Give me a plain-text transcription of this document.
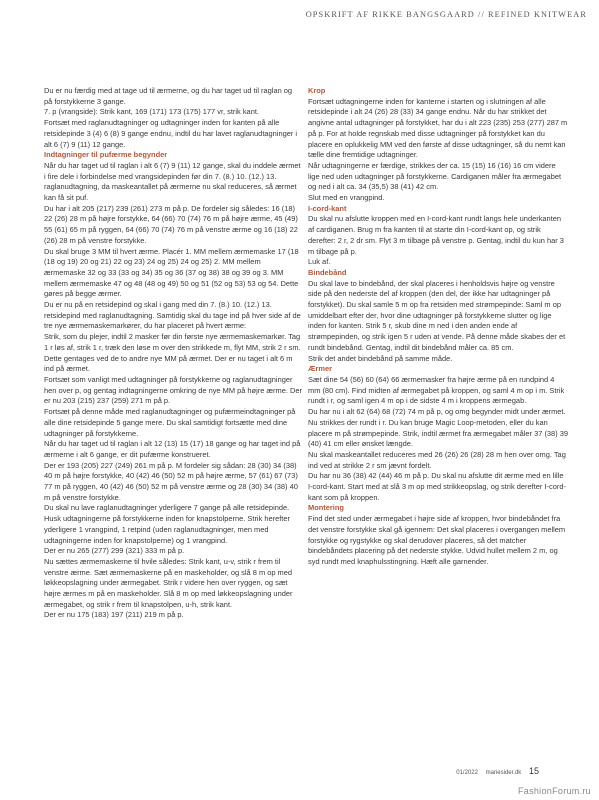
OPSKRIFT AF RIKKE BANGSGAARD // REFINED KNITWEAR

Du er nu færdig med at tage ud til ærmerne, og du har taget ud til raglan og på forstykkerne 3 gange.
7. p (vrangside): Strik kant, 169 (171) 173 (175) 177 vr, strik kant.
Fortsæt med raglanudtagninger og udtagninger inden for kanten på alle retsidepinde 3 (4) 6 (8) 9 gange endnu, indtil du har lavet raglanudtagninger i alt 6 (7) 9 (11) 12 gange.

Indtagninger til pufærme begynder

Når du har taget ud til raglan i alt 6 (7) 9 (11) 12 gange, skal du inddele ærmet i fire dele i forbindelse med vrangsidepinden før din 7. (8.) 10. (12.) 13. raglanudtagning, da maskeantallet på ærmerne nu skal reduceres, så ærmet kan få sit puf.
Du har i alt 205 (217) 239 (261) 273 m på p. De fordeler sig således: 16 (18) 22 (26) 28 m på højre forstykke, 64 (66) 70 (74) 76 m på højre ærme, 45 (49) 55 (61) 65 m på ryggen, 64 (66) 70 (74) 76 m på venstre ærme og 16 (18) 22 (26) 28 m på venstre forstykke.
Du skal bruge 3 MM til hvert ærme. Placér 1. MM mellem ærmemaske 17 (18 (18 og 19) 20 og 21) 22 og 23) 24 og 25) 24 og 25) 2. MM mellem ærmemaske 32 og 33 (33 og 34) 35 og 36 (37 og 38) 38 og 39 og 3. MM mellem ærmemaske 47 og 48 (48 og 49) 50 og 51 (52 og 53) 53 og 54. Dette gøres på begge ærmer.
Du er nu på en retsidepind og skal i gang med din 7. (8.) 10. (12.) 13. retsidepind med raglanudtagning. Samtidig skal du tage ind på hver side af de tre nye ærmemaskemarkører, du har placeret på hvert ærme:
Strik, som du plejer, indtil 2 masker før din første nye ærmemaskemarkør. Tag 1 r løs af, strik 1 r, træk den løse m over den strikkede m, flyt MM, strik 2 r sm. Dette gentages ved de to andre nye MM på ærmet. Der er nu taget i alt 6 m ind på ærmet.
Fortsæt som vanligt med udtagninger på forstykkerne og raglanudtagninger hen over p, og gentag indtagningerne omkring de nye MM på højre ærme. Der er nu 203 (215) 237 (259) 271 m på p.
Fortsæt på denne måde med raglanudtagninger og pufærmeindtagninger på alle dine retsidepinde 5 gange mere. Du skal samtidigt fortsætte med dine udtagninger på forstykkerne.
Når du har taget ud til raglan i alt 12 (13) 15 (17) 18 gange og har taget ind på ærmerne i alt 6 gange, er dit pufærme konstrueret.
Der er 193 (205) 227 (249) 261 m på p. M fordeler sig sådan: 28 (30) 34 (38) 40 m på højre forstykke, 40 (42) 46 (50) 52 m på højre ærme, 57 (61) 67 (73) 77 m på ryggen, 40 (42) 46 (50) 52 m på venstre ærme og 28 (30) 34 (38) 40 m på venstre forstykke.
Du skal nu lave raglanudtagninger yderligere 7 gange på alle retsidepinde. Husk udtagningerne på forstykkerne inden for knapstolperne. Strik herefter yderligere 1 vrangpind, 1 retpind (uden raglanudtagninger, men med udtagningerne inden for knapstolperne) og 1 vrangpind.
Der er nu 265 (277) 299 (321) 333 m på p.
Nu sættes ærmemaskerne til hvile således: Strik kant, u-v, strik r frem til venstre ærme. Sæt ærmemaskerne på en maskeholder, og slå 8 m op med løkkeopslagning under ærmegabet. Strik r videre hen over ryggen, og sæt højre ærmes m på en maskeholder. Slå 8 m op med løkkeopslagning under ærmegabet, og strik r frem til knapstolpen, u-h, strik kant.
Der er nu 175 (183) 197 (211) 219 m på p.

Krop

Fortsæt udtagningerne inden for kanterne i starten og i slutningen af alle retsidepinde i alt 24 (26) 28 (33) 34 gange endnu. Når du har strikket det angivne antal udtagninger på forstykket, har du i alt 223 (235) 253 (277) 287 m på p. For at holde regnskab med disse udtagninger på forstykket kan du placere en oplukkelig MM ved den første af disse udtagninger, så du nemt kan tælle dine fremtidige udtagninger.
Når udtagningerne er færdige, strikkes der ca. 15 (15) 16 (16) 16 cm videre lige ned uden udtagninger på forstykkerne. Cardiganen måler fra ærmegabet og ned i alt ca. 34 (35,5) 38 (41) 42 cm.
Slut med en vrangpind.

I-cord-kant

Du skal nu afslutte kroppen med en I-cord-kant rundt langs hele underkanten af cardiganen. Brug m fra kanten til at starte din I-cord-kant op, og strik derefter: 2 r, 2 dr sm. Flyt 3 m tilbage på venstre p. Gentag, indtil du kun har 3 m tilbage på p.
Luk af.

Bindebånd

Du skal lave to bindebånd, der skal placeres i henholdsvis højre og venstre side på den nederste del af kroppen (den del, der ikke har udtagninger på forstykket). Du skal samle 5 m op fra retsiden med strømpepinde: Saml m op umiddelbart efter der, hvor dine udtagninger på forstykkerne slutter og lige inden for kanten. Strik 5 r, skub dine m ned i den anden ende af strømpepinden, og strik igen 5 r uden at vende. På denne måde skabes der et rundt bindebånd. Gentag, indtil dit bindebånd måler ca. 85 cm.
Strik det andet bindebånd på samme måde.

Ærmer

Sæt dine 54 (56) 60 (64) 66 ærmemasker fra højre ærme på en rundpind 4 mm (80 cm). Find midten af ærmegabet på kroppen, og saml 4 m op i m. Strik rundt i r, og saml igen 4 m op i de sidste 4 m i kroppens ærmegab.
Du har nu i alt 62 (64) 68 (72) 74 m på p, og omg begynder midt under ærmet.
Nu strikkes der rundt i r. Du kan bruge Magic Loop-metoden, eller du kan placere m på strømpepinde. Strik, indtil ærmet fra ærmegabet måler 37 (38) 39 (40) 41 cm eller ønsket længde.
Nu skal maskeantallet reduceres med 26 (26) 26 (28) 28 m hen over omg. Tag ind ved at strikke 2 r sm jævnt fordelt.
Du har nu 36 (38) 42 (44) 46 m på p. Du skal nu afslutte dit ærme med en lille I-cord-kant. Start med at slå 3 m op med strikkeopslag, og strik derefter I-cord-kant som på kroppen.

Montering

Find det sted under ærmegabet i højre side af kroppen, hvor bindebåndet fra det venstre forstykke skal gå igennem: Det skal placeres i overgangen mellem forstykke og rygstykke og skal derudover placeres, så det matcher bindebåndets placering på det nederste stykke. Udvid hullet mellem 2 m, og syd rundt med knaphulsstingning. Hæft alle garnender.

01/2022 mariesider.dk 15
FashionForum.ru
